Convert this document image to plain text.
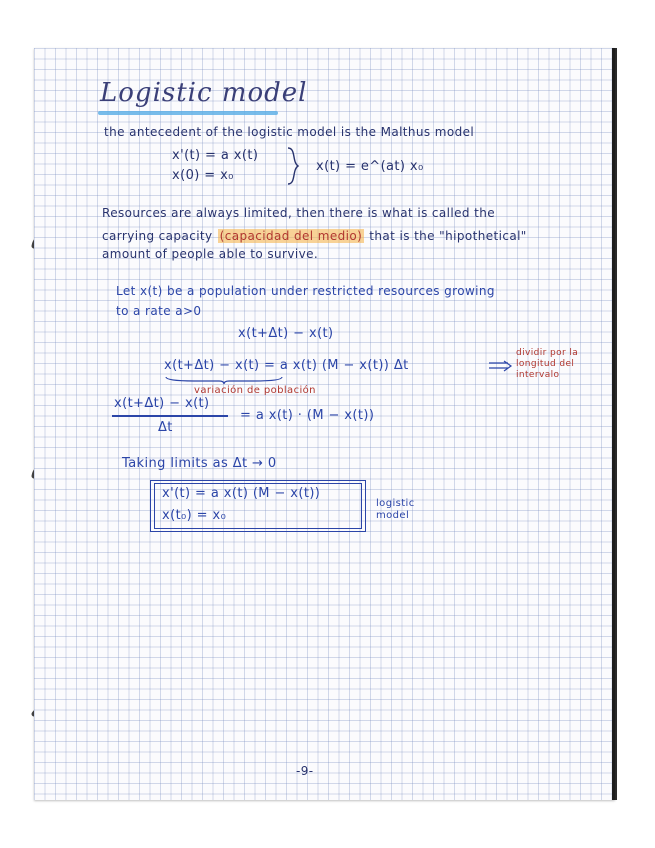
Logistic model
the antecedent of the logistic model is the Malthus model
x'(t) = a x(t)
x(0) = x₀
x(t) = e^(at) x₀
Resources are always limited, then there is what is called the
carrying capacity (capacidad del medio) that is the "hipothetical"
amount of people able to survive.
Let x(t) be a population under restricted resources growing
to a rate a>0
x(t+Δt) − x(t)
x(t+Δt) − x(t) = a x(t) (M − x(t)) Δt
variación de población
dividir por la longitud del intervalo
x(t+Δt) − x(t)
Δt
= a x(t) · (M − x(t))
Taking limits as Δt → 0
x'(t) = a x(t) (M − x(t))
x(t₀) = x₀
logistic
model
-9-
